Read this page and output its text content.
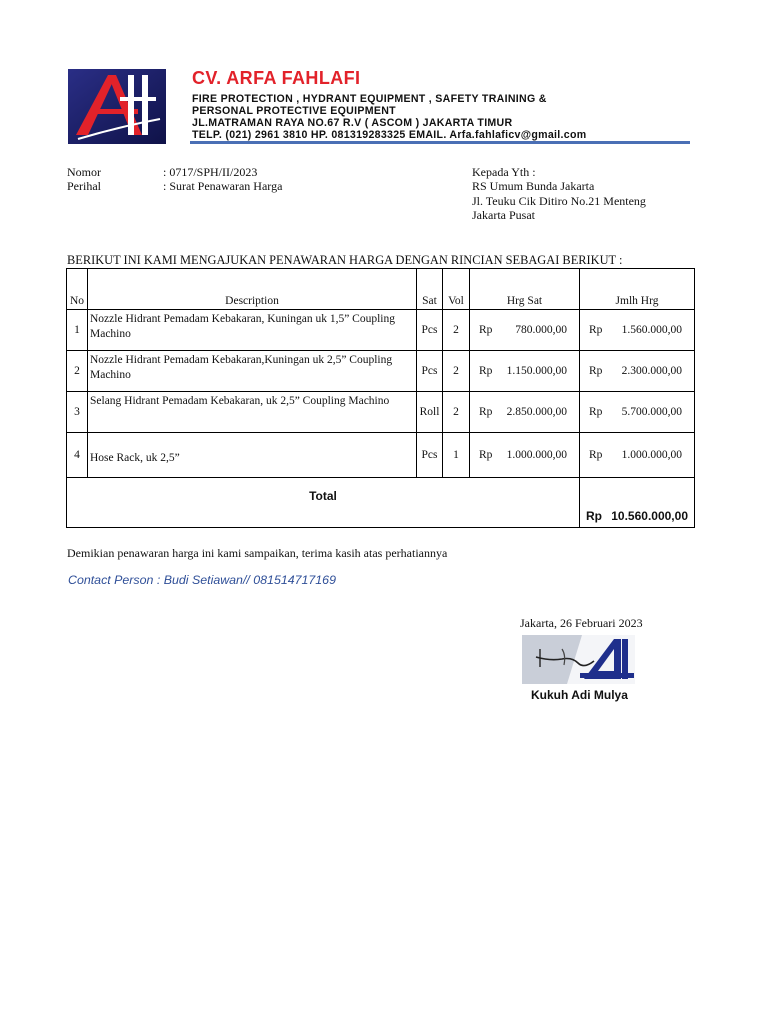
CV. ARFA FAHLAFI
FIRE PROTECTION , HYDRANT EQUIPMENT , SAFETY TRAINING &
PERSONAL PROTECTIVE EQUIPMENT
JL.MATRAMAN RAYA NO.67 R.V ( ASCOM ) JAKARTA TIMUR
TELP. (021) 2961 3810 HP. 081319283325 EMAIL. Arfa.fahlaficv@gmail.com
Nomor	: 0717/SPH/II/2023
Perihal	: Surat Penawaran Harga
Kepada Yth :
RS Umum Bunda Jakarta
Jl. Teuku Cik Ditiro No.21 Menteng
Jakarta Pusat
BERIKUT INI KAMI MENGAJUKAN PENAWARAN HARGA DENGAN RINCIAN SEBAGAI BERIKUT :
No	Description	Sat	Vol	Hrg Sat	Jmlh Hrg
1	Nozzle Hidrant Pemadam Kebakaran, Kuningan uk 1,5” Coupling Machino	Pcs	2	Rp 780.000,00	Rp 1.560.000,00

2	Nozzle Hidrant Pemadam Kebakaran,Kuningan uk 2,5” Coupling Machino	Pcs	2	Rp 1.150.000,00	Rp 2.300.000,00

3	Selang Hidrant Pemadam Kebakaran, uk 2,5” Coupling Machino	Roll	2	Rp 2.850.000,00	Rp 5.700.000,00

4	Hose Rack, uk 2,5”	Pcs	1	Rp 1.000.000,00	Rp 1.000.000,00

Total					Rp 10.560.000,00
Demikian penawaran harga ini kami sampaikan, terima kasih atas perhatiannya
Contact Person : Budi Setiawan// 081514717169
Jakarta, 26 Februari 2023
Kukuh Adi Mulya
